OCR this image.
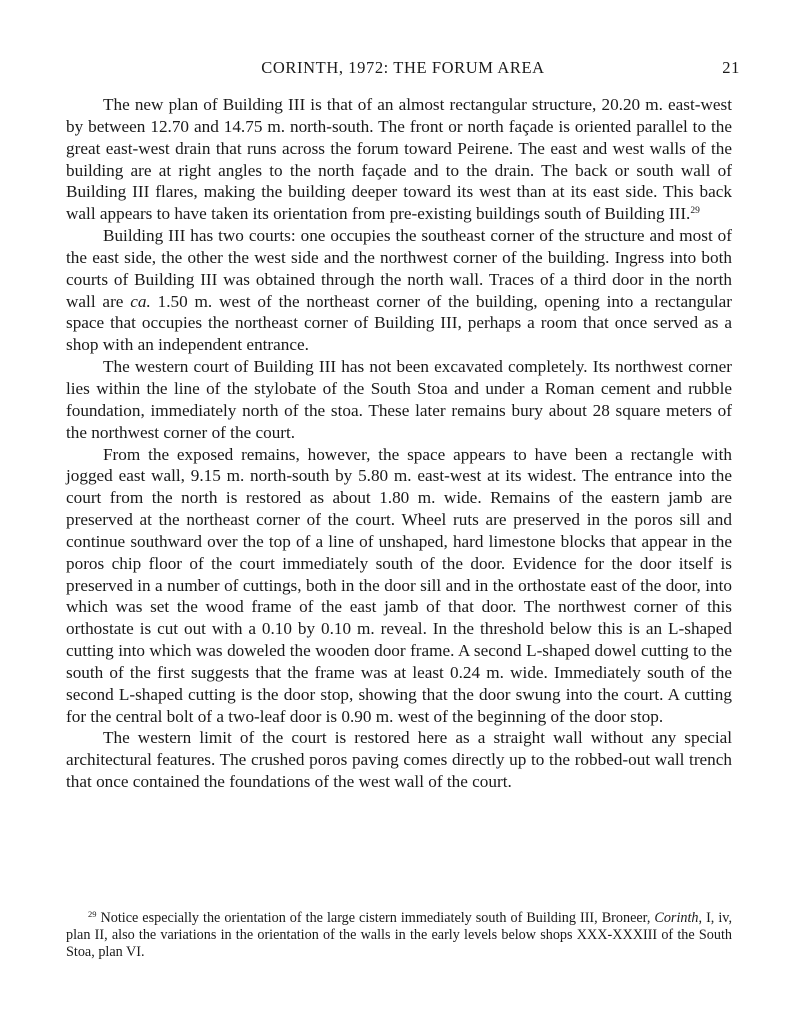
CORINTH, 1972: THE FORUM AREA	21

The new plan of Building III is that of an almost rectangular structure, 20.20 m. east-west by between 12.70 and 14.75 m. north-south. The front or north façade is oriented parallel to the great east-west drain that runs across the forum toward Peirene. The east and west walls of the building are at right angles to the north façade and to the drain. The back or south wall of Building III flares, making the building deeper toward its west than at its east side. This back wall appears to have taken its orientation from pre-existing buildings south of Building III.$^{29}$

Building III has two courts: one occupies the southeast corner of the structure and most of the east side, the other the west side and the northwest corner of the building. Ingress into both courts of Building III was obtained through the north wall. Traces of a third door in the north wall are ca. 1.50 m. west of the northeast corner of the building, opening into a rectangular space that occupies the northeast corner of Building III, perhaps a room that once served as a shop with an independent entrance.

The western court of Building III has not been excavated completely. Its northwest corner lies within the line of the stylobate of the South Stoa and under a Roman cement and rubble foundation, immediately north of the stoa. These later remains bury about 28 square meters of the northwest corner of the court.

From the exposed remains, however, the space appears to have been a rectangle with jogged east wall, 9.15 m. north-south by 5.80 m. east-west at its widest. The entrance into the court from the north is restored as about 1.80 m. wide. Remains of the eastern jamb are preserved at the northeast corner of the court. Wheel ruts are preserved in the poros sill and continue southward over the top of a line of unshaped, hard limestone blocks that appear in the poros chip floor of the court immediately south of the door. Evidence for the door itself is preserved in a number of cuttings, both in the door sill and in the orthostate east of the door, into which was set the wood frame of the east jamb of that door. The northwest corner of this orthostate is cut out with a 0.10 by 0.10 m. reveal. In the threshold below this is an L-shaped cutting into which was doweled the wooden door frame. A second L-shaped dowel cutting to the south of the first suggests that the frame was at least 0.24 m. wide. Immediately south of the second L-shaped cutting is the door stop, showing that the door swung into the court. A cutting for the central bolt of a two-leaf door is 0.90 m. west of the beginning of the door stop.

The western limit of the court is restored here as a straight wall without any special architectural features. The crushed poros paving comes directly up to the robbed-out wall trench that once contained the foundations of the west wall of the court.

$^{29}$ Notice especially the orientation of the large cistern immediately south of Building III, Broneer, Corinth, I, iv, plan II, also the variations in the orientation of the walls in the early levels below shops XXX-XXXIII of the South Stoa, plan VI.
